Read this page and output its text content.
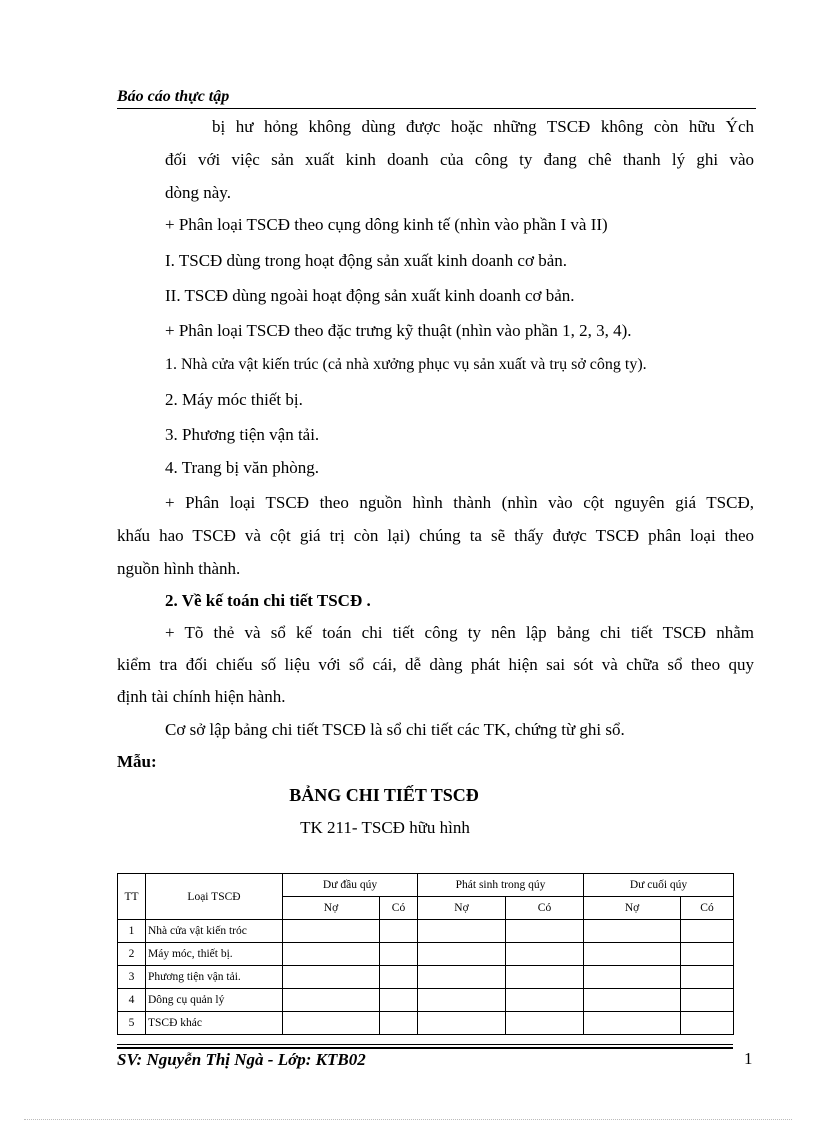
Báo cáo thực tập
bị hư hỏng không dùng được hoặc những TSCĐ không còn hữu Ých
đối với việc sản xuất kinh doanh của công ty đang chê thanh lý ghi vào
dòng này.
+ Phân loại TSCĐ theo cụng dông kinh tế (nhìn vào phần I và II)
I. TSCĐ dùng trong hoạt động sản xuất kinh doanh cơ bản.
II. TSCĐ dùng ngoài hoạt động sản xuất kinh doanh cơ bản.
+ Phân loại TSCĐ theo đặc trưng kỹ thuật (nhìn vào phần 1, 2, 3, 4).
1. Nhà cửa vật kiến trúc (cả nhà xưởng phục vụ sản xuất và trụ sở công ty).
2. Máy móc thiết bị.
3. Phương tiện vận tải.
4. Trang bị văn phòng.
+ Phân loại TSCĐ theo nguồn hình thành (nhìn vào cột nguyên giá TSCĐ,
khấu hao TSCĐ và cột giá trị còn lại) chúng ta sẽ thấy được TSCĐ phân loại theo
nguồn hình thành.
2. Về kế toán chi tiết TSCĐ .
+ Tõ thẻ và sổ kế toán chi tiết công ty nên lập bảng chi tiết TSCĐ nhằm
kiểm tra đối chiếu số liệu với sổ cái, dễ dàng phát hiện sai sót và chữa sổ theo quy
định tài chính hiện hành.
Cơ sở lập bảng chi tiết TSCĐ là sổ chi tiết các TK, chứng từ ghi sổ.
Mẫu:
BẢNG CHI TIẾT TSCĐ
TK 211- TSCĐ hữu hình
TT	Loại TSCĐ	Dư đầu qúy		Phát sinh trong qúy		Dư cuối qúy	
		Nợ	Có	Nợ	Có	Nợ	Có
1	Nhà cửa vật kiến tróc						
2	Máy móc, thiết bị.						
3	Phương tiện vận tải.						
4	Dông cụ quản lý						
5	TSCĐ khác						
SV: Nguyễn Thị Ngà - Lớp: KTB02	1
